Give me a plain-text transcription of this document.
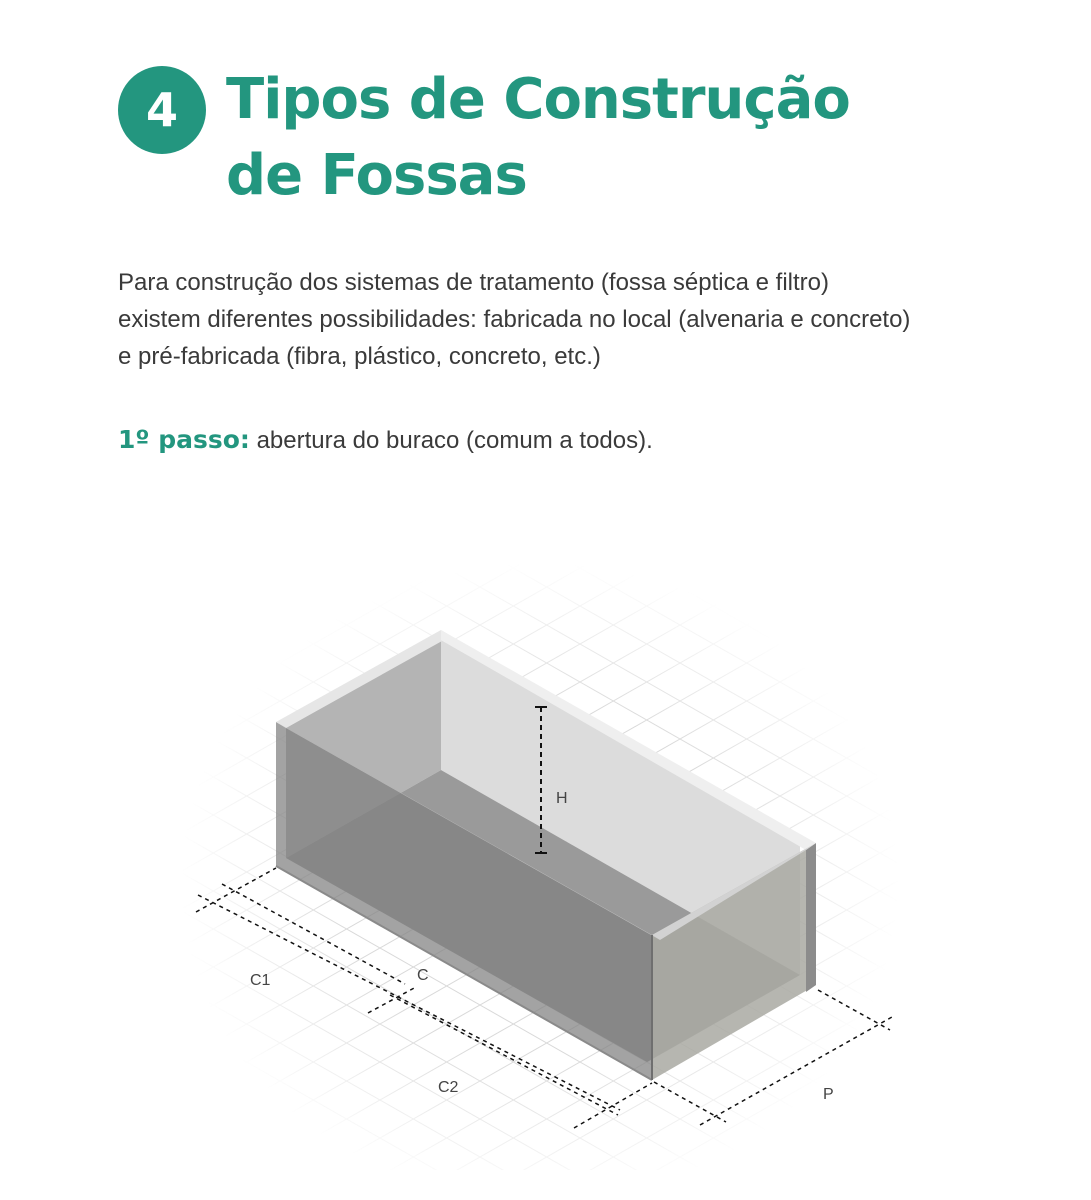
4 Tipos de Construção
de Fossas

Para construção dos sistemas de tratamento (fossa séptica e filtro) existem diferentes possibilidades: fabricada no local (alvenaria e concreto) e pré-fabricada (fibra, plástico, concreto, etc.)

1º passo: abertura do buraco (comum a todos).

H
C1	C
C2	P
